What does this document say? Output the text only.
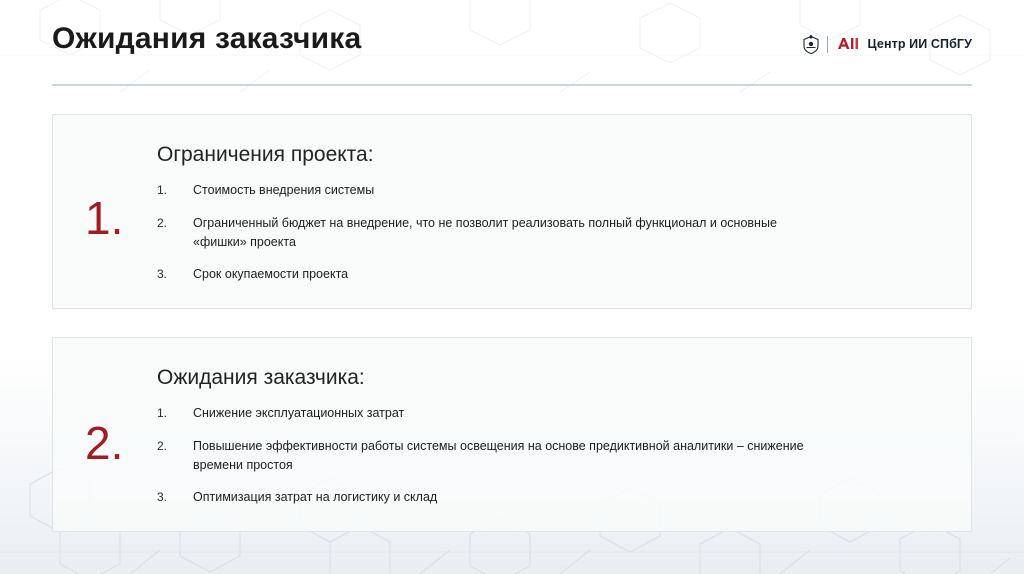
Ожидания заказчика	Центр ИИ СПбГУ
1.
Ограничения проекта:
1.	Стоимость внедрения системы
2.	Ограниченный бюджет на внедрение, что не позволит реализовать полный функционал и основные «фишки» проекта
3.	Срок окупаемости проекта
2.
Ожидания заказчика:
1.	Снижение эксплуатационных затрат
2.	Повышение эффективности работы системы освещения на основе предиктивной аналитики – снижение времени простоя
3.	Оптимизация затрат на логистику и склад
